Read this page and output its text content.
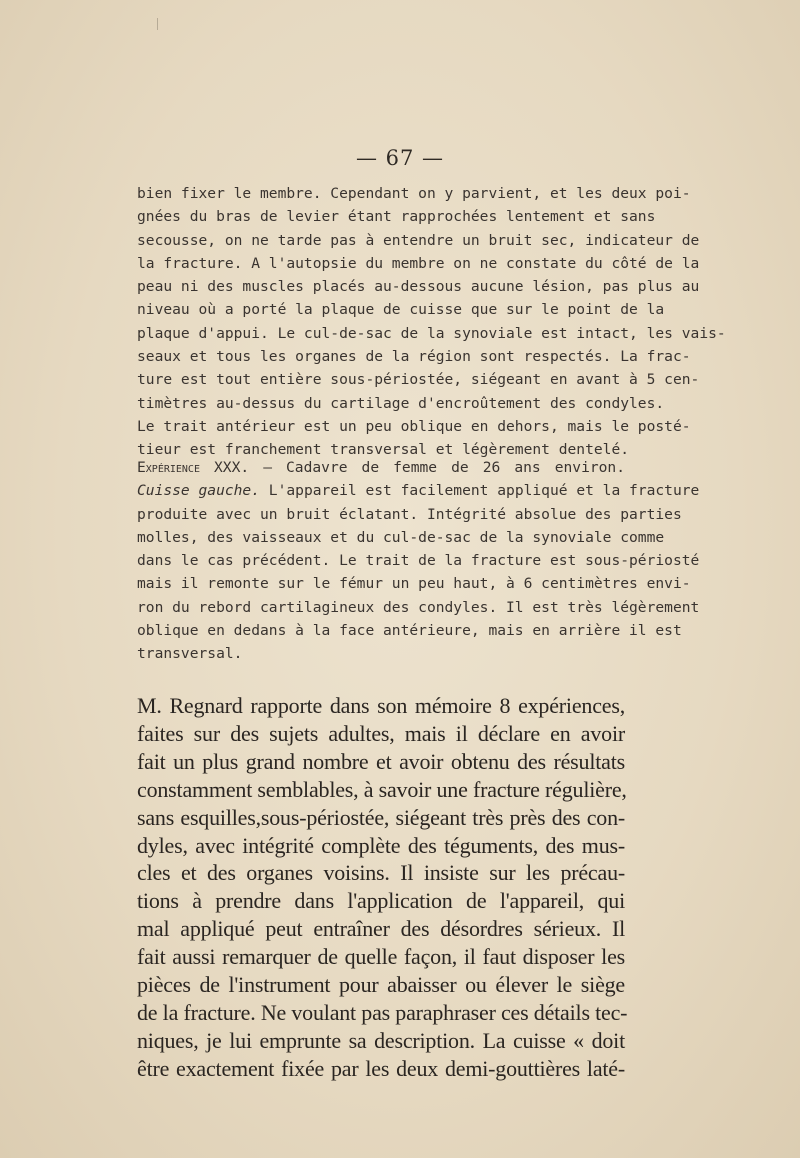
— 67 —
bien fixer le membre. Cependant on y parvient, et les deux poi-
gnées du bras de levier étant rapprochées lentement et sans
secousse, on ne tarde pas à entendre un bruit sec, indicateur de
la fracture. A l'autopsie du membre on ne constate du côté de la
peau ni des muscles placés au-dessous aucune lésion, pas plus au
niveau où a porté la plaque de cuisse que sur le point de la
plaque d'appui. Le cul-de-sac de la synoviale est intact, les vais-
seaux et tous les organes de la région sont respectés. La frac-
ture est tout entière sous-périostée, siégeant en avant à 5 cen-
timètres au-dessus du cartilage d'encroûtement des condyles.
Le trait antérieur est un peu oblique en dehors, mais le posté-
tieur est franchement transversal et légèrement dentelé.
Expérience XXX. — Cadavre de femme de 26 ans environ.
Cuisse gauche. L'appareil est facilement appliqué et la fracture
produite avec un bruit éclatant. Intégrité absolue des parties
molles, des vaisseaux et du cul-de-sac de la synoviale comme
dans le cas précédent. Le trait de la fracture est sous-périosté
mais il remonte sur le fémur un peu haut, à 6 centimètres envi-
ron du rebord cartilagineux des condyles. Il est très légèrement
oblique en dedans à la face antérieure, mais en arrière il est
transversal.
M. Regnard rapporte dans son mémoire 8 expériences,
faites sur des sujets adultes, mais il déclare en avoir
fait un plus grand nombre et avoir obtenu des résultats
constamment semblables, à savoir une fracture régulière,
sans esquilles,sous-périostée, siégeant très près des con-
dyles, avec intégrité complète des téguments, des mus-
cles et des organes voisins. Il insiste sur les précau-
tions à prendre dans l'application de l'appareil, qui
mal appliqué peut entraîner des désordres sérieux. Il
fait aussi remarquer de quelle façon, il faut disposer les
pièces de l'instrument pour abaisser ou élever le siège
de la fracture. Ne voulant pas paraphraser ces détails tec-
niques, je lui emprunte sa description. La cuisse « doit
être exactement fixée par les deux demi-gouttières laté-
